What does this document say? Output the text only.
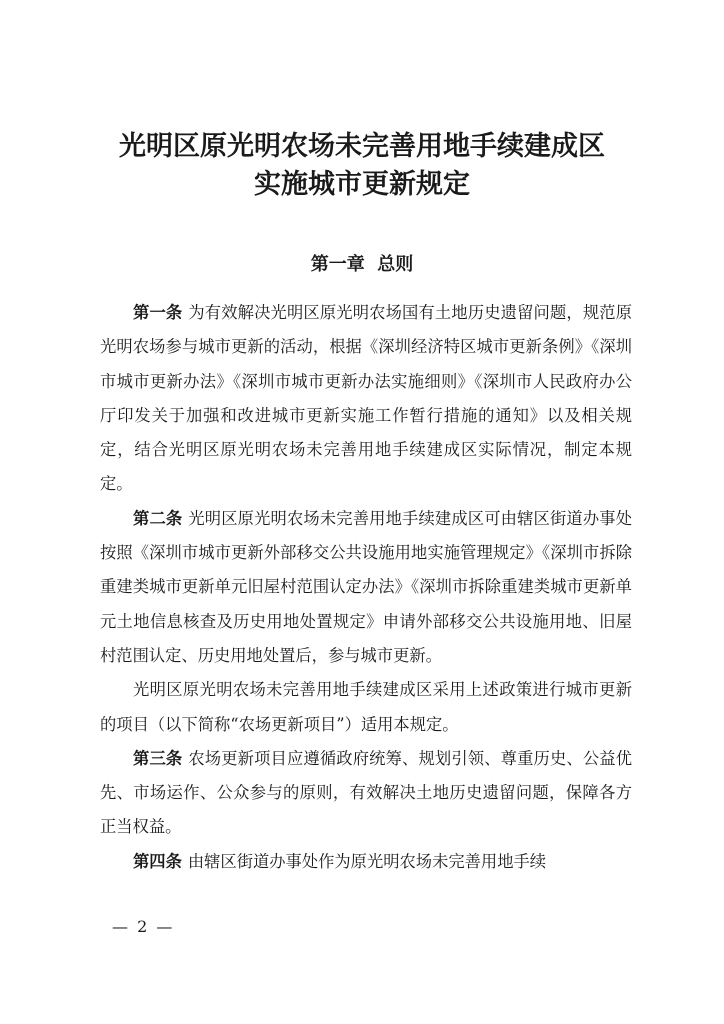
光明区原光明农场未完善用地手续建成区
实施城市更新规定
第一章  总则

第一条 为有效解决光明区原光明农场国有土地历史遗留问题，规范原光明农场参与城市更新的活动，根据《深圳经济特区城市更新条例》《深圳市城市更新办法》《深圳市城市更新办法实施细则》《深圳市人民政府办公厅印发关于加强和改进城市更新实施工作暂行措施的通知》以及相关规定，结合光明区原光明农场未完善用地手续建成区实际情况，制定本规定。

第二条 光明区原光明农场未完善用地手续建成区可由辖区街道办事处按照《深圳市城市更新外部移交公共设施用地实施管理规定》《深圳市拆除重建类城市更新单元旧屋村范围认定办法》《深圳市拆除重建类城市更新单元土地信息核查及历史用地处置规定》申请外部移交公共设施用地、旧屋村范围认定、历史用地处置后，参与城市更新。

光明区原光明农场未完善用地手续建成区采用上述政策进行城市更新的项目（以下简称“农场更新项目”）适用本规定。

第三条 农场更新项目应遵循政府统筹、规划引领、尊重历史、公益优先、市场运作、公众参与的原则，有效解决土地历史遗留问题，保障各方正当权益。

第四条 由辖区街道办事处作为原光明农场未完善用地手续

— 2 —
